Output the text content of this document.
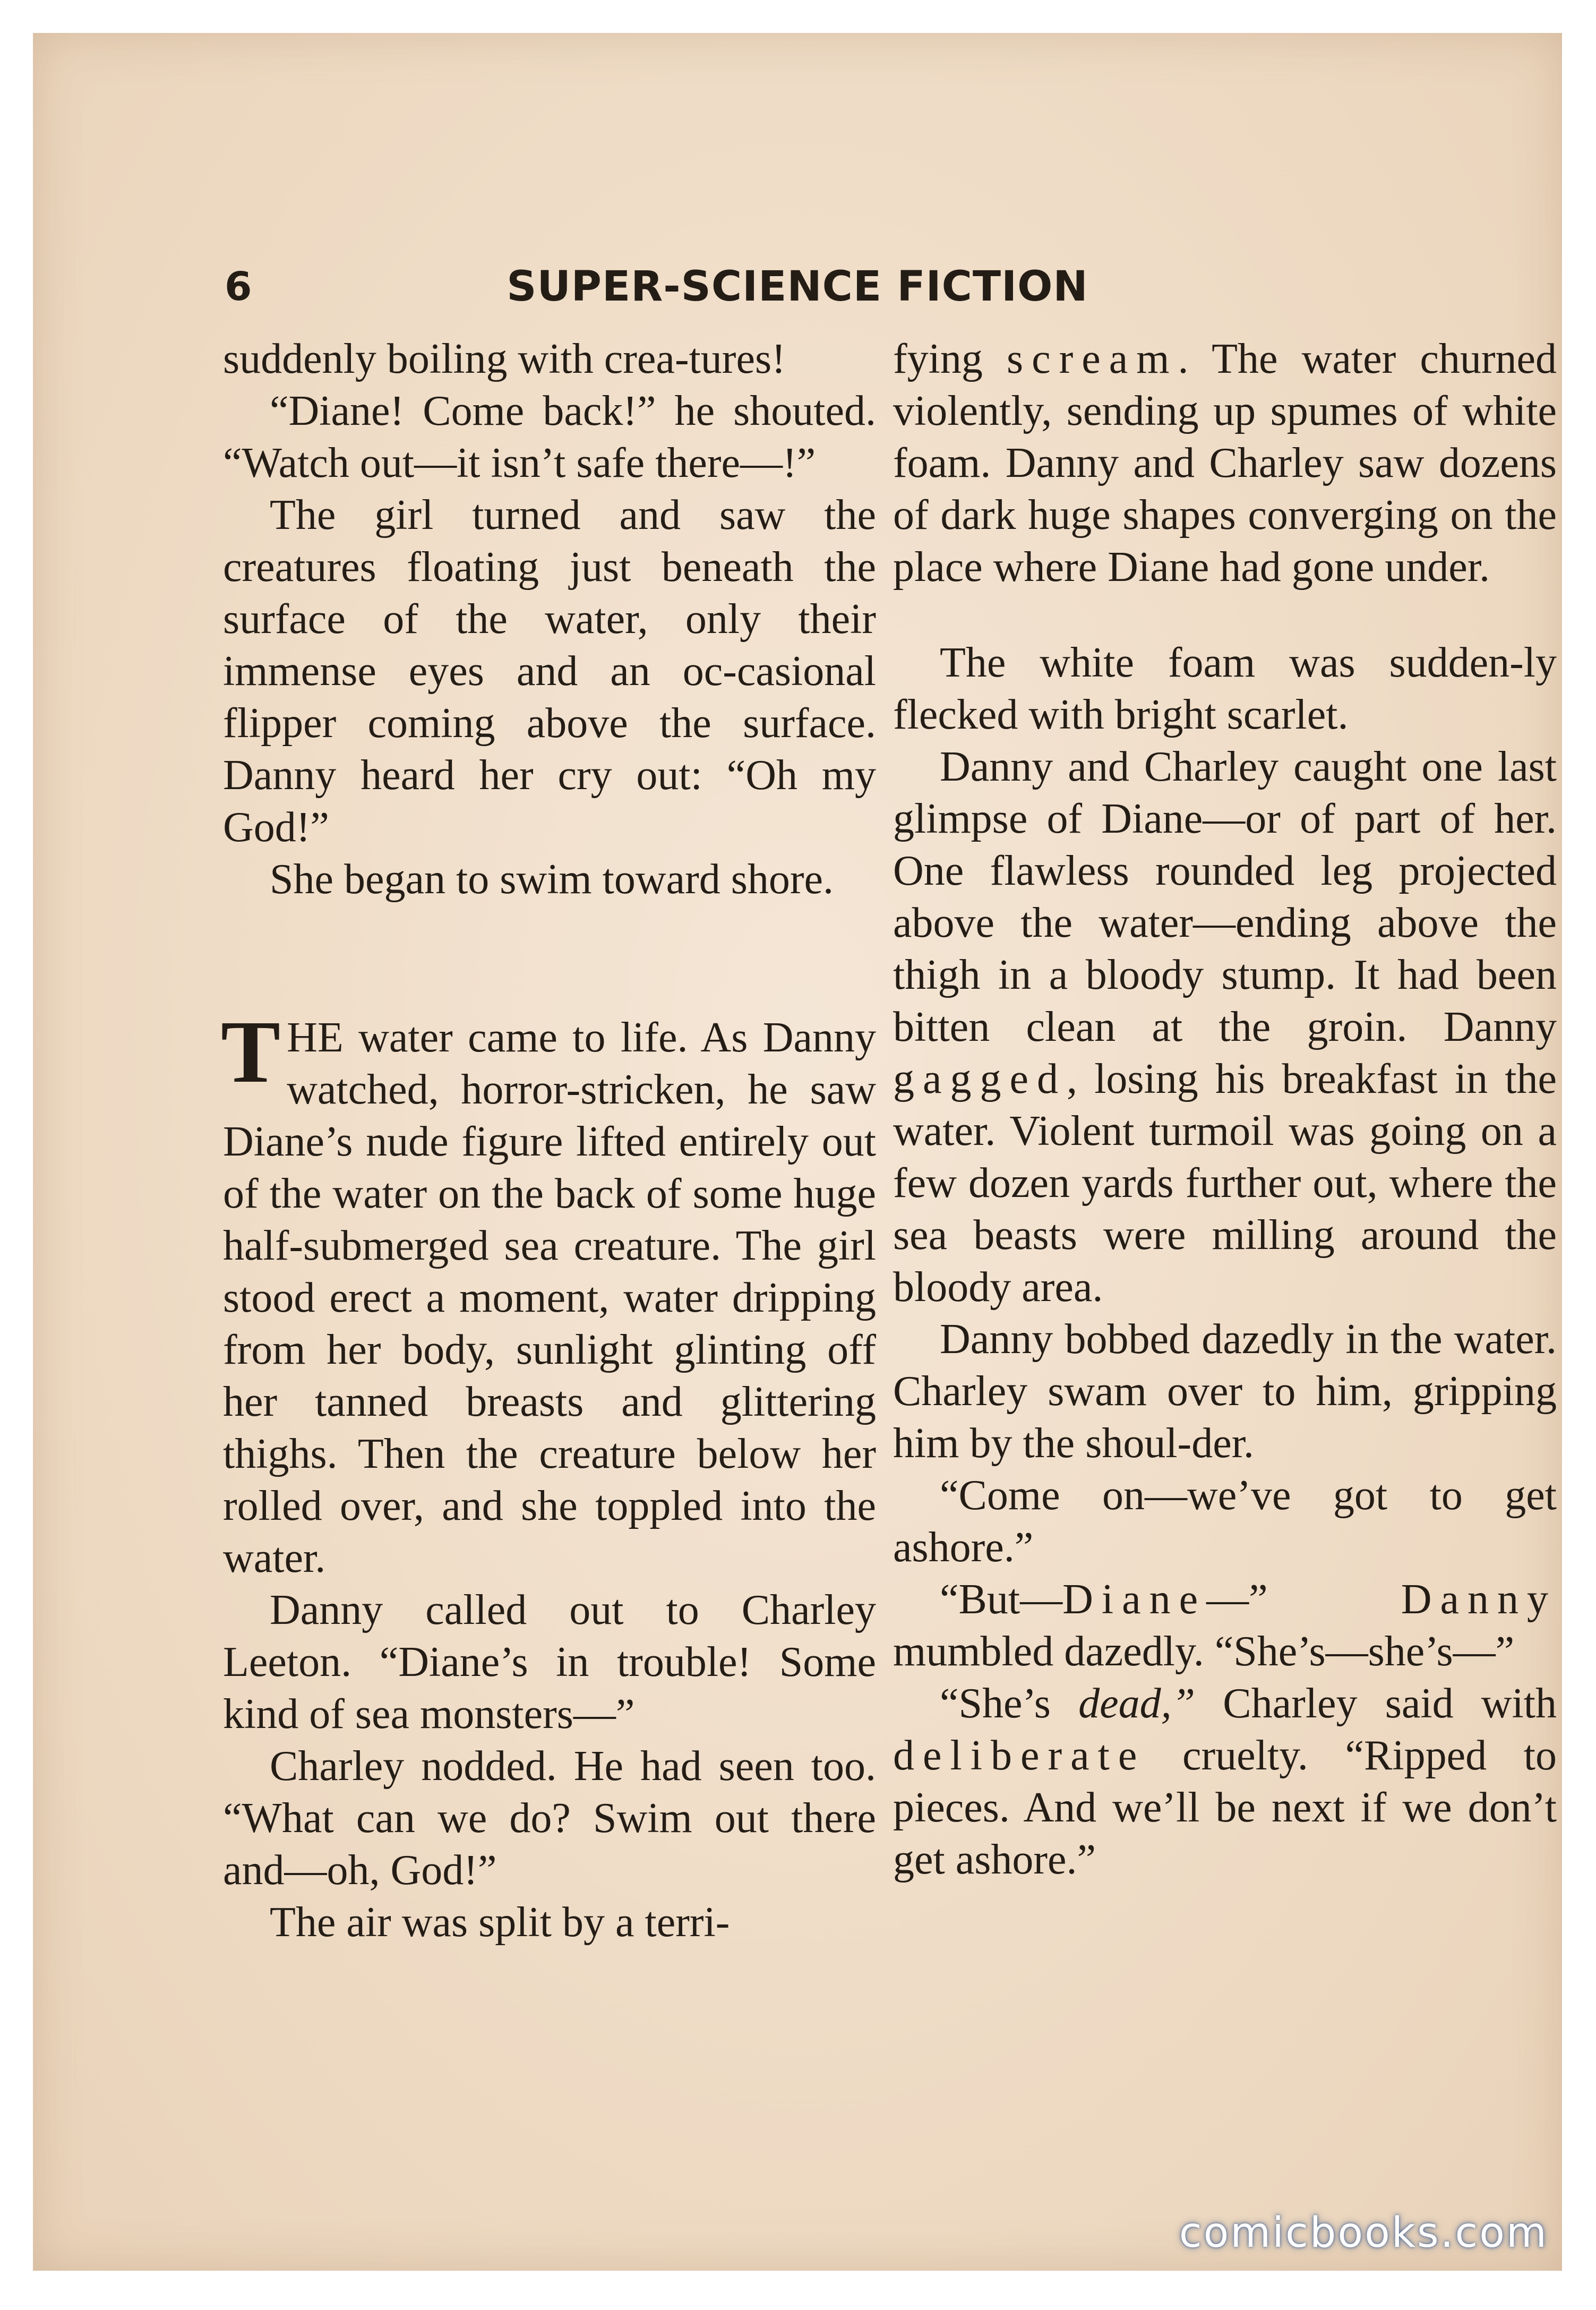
6	SUPER-SCIENCE FICTION

suddenly boiling with crea-tures!

“Diane! Come back!” he shouted. “Watch out—it isn’t safe there—!”

The girl turned and saw the creatures floating just beneath the surface of the water, only their immense eyes and an oc-casional flipper coming above the surface. Danny heard her cry out: “Oh my God!”

She began to swim toward shore.

THE water came to life. As Danny watched, horror-stricken, he saw Diane’s nude figure lifted entirely out of the water on the back of some huge half-submerged sea creature. The girl stood erect a moment, water dripping from her body, sunlight glinting off her tanned breasts and glittering thighs. Then the creature below her rolled over, and she toppled into the water.

Danny called out to Charley Leeton. “Diane’s in trouble! Some kind of sea monsters—”

Charley nodded. He had seen too. “What can we do? Swim out there and—oh, God!”

The air was split by a terri-

fying scream. The water churned violently, sending up spumes of white foam. Danny and Charley saw dozens of dark huge shapes converging on the place where Diane had gone under.

The white foam was sudden-ly flecked with bright scarlet.

Danny and Charley caught one last glimpse of Diane—or of part of her. One flawless rounded leg projected above the water—ending above the thigh in a bloody stump. It had been bitten clean at the groin. Danny gagged, losing his breakfast in the water. Violent turmoil was going on a few dozen yards further out, where the sea beasts were milling around the bloody area.

Danny bobbed dazedly in the water. Charley swam over to him, gripping him by the shoul-der.

“Come on—we’ve got to get ashore.”

“But—Diane—”	Danny mumbled dazedly. “She’s—she’s—”

“She’s dead,” Charley said with deliberate cruelty. “Ripped to pieces. And we’ll be next if we don’t get ashore.”

comicbooks.com
